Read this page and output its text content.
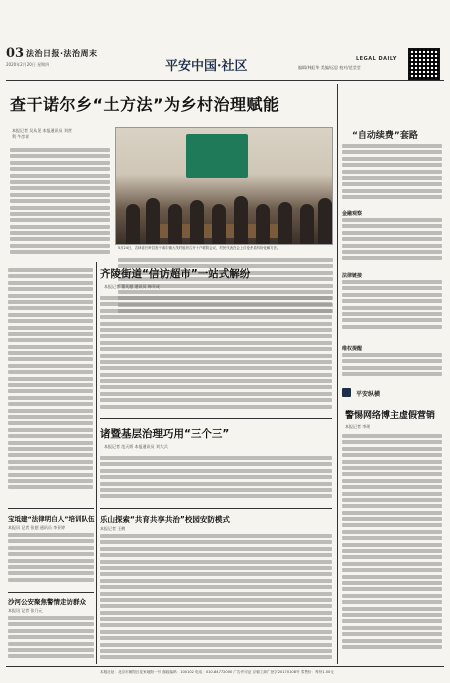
03 法治日报·法治周末
2020年2月20日 星期四	平安中国·社区	编辑/林虹华 美编/远思 校对/范莹莹
LEGAL DAILY
查干诺尔乡“土方法”为乡村治理赋能
本报记者 吴从见 本报通讯员 刘营利 牛彦祥
5月24日，吉林省长岭县查干诺尔镇大茂村组织召开十户联防会议，村民代表在会上讨论矛盾纠纷化解方法。
“自动续费”套路
金融观察
法律链接
维权提醒
平安纵横
警惕网络博主虚假营销
本报记者 李瑶
齐陵街道“信访超市”一站式解纷
本报记者 董凡超 通讯员 韩开成
诸暨基层治理巧用“三个三”
本报记者 范天娇 本报通讯员 刘大兵
乐山探索“共育共享共治”校园安防模式
本报记者 王鹤
宝坻建“法律明白人”培训队伍
本报讯 记者 张翅 通讯员 李亚婷
沙河公安聚焦警情走访群众
本报讯 记者 张乃元
本版社址：北京市朝阳区花家地街一号 邮政编码：100102 电话：010-84772000 广告许可证 京朝工商广登字20170108号 零售价：每份1.50元
